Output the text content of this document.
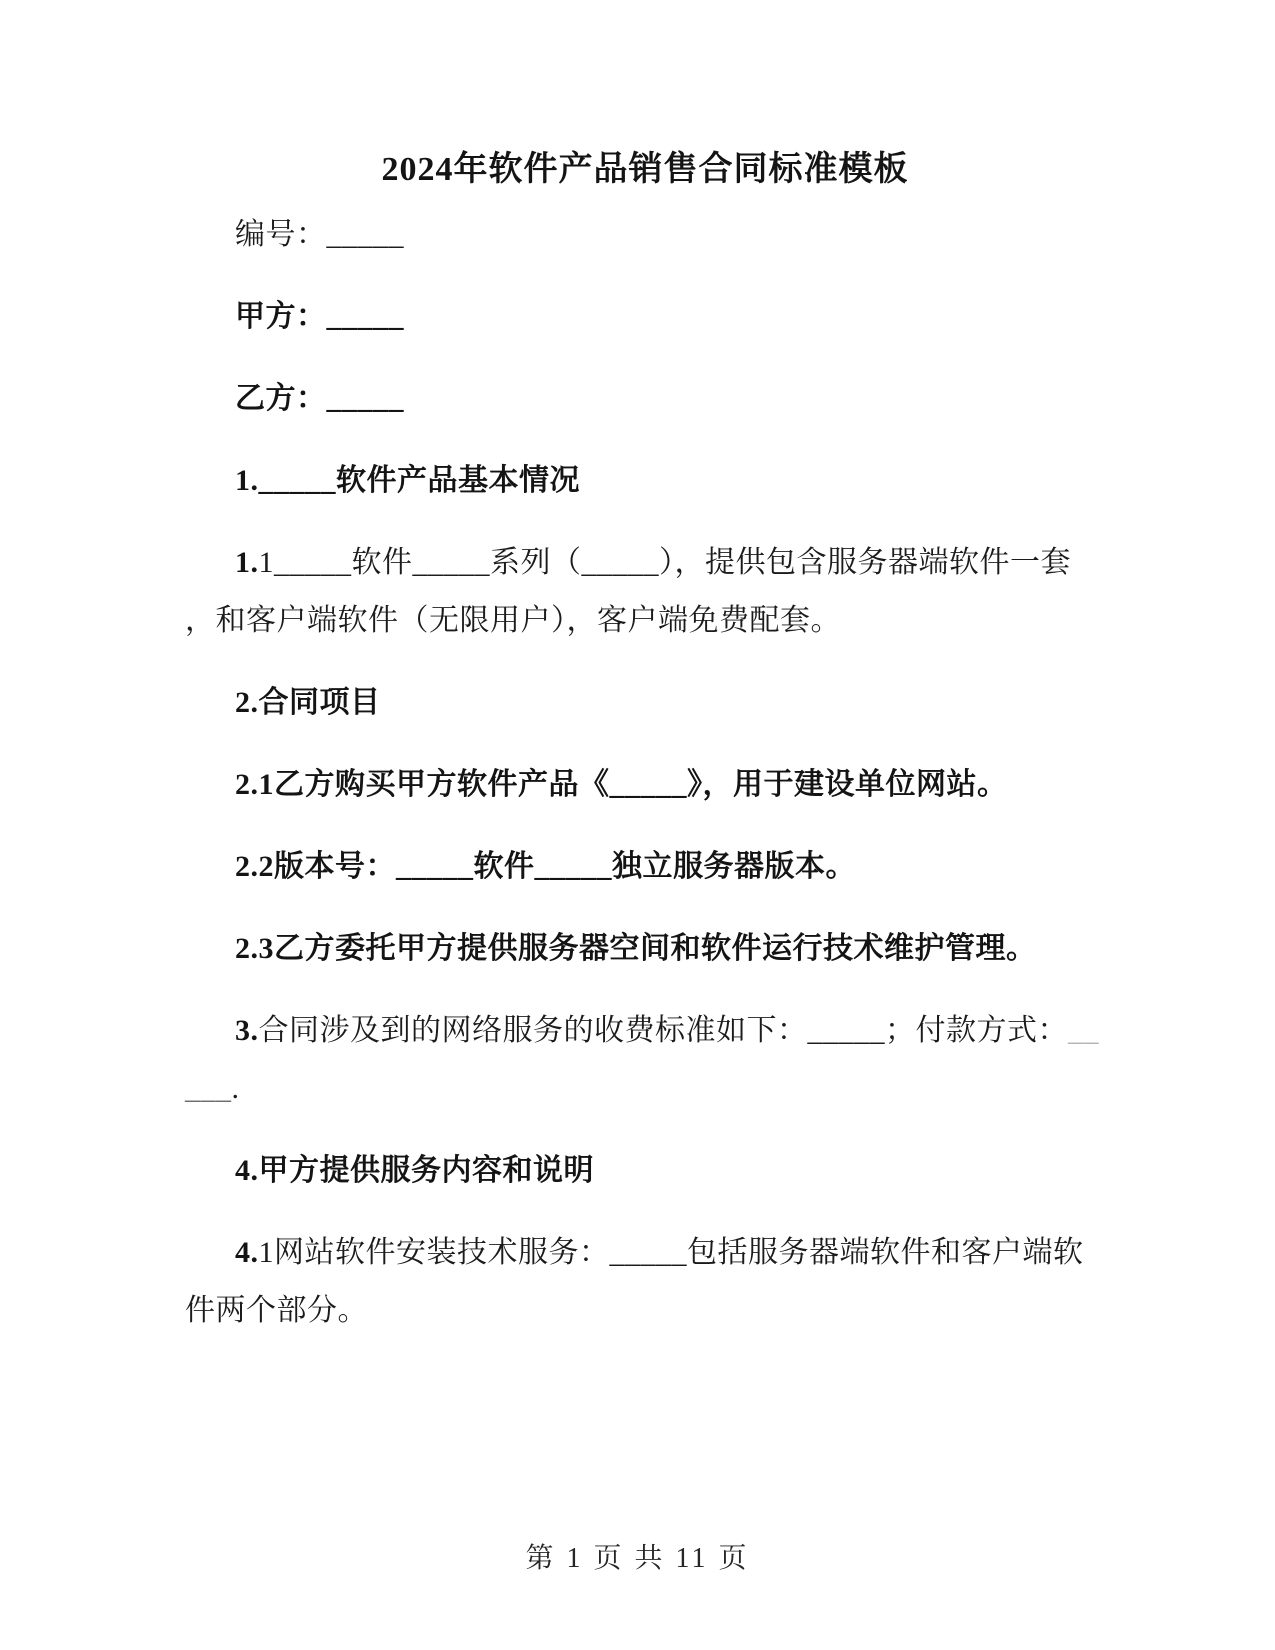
2024年软件产品销售合同标准模板

编号：_____

甲方：_____

乙方：_____

1._____软件产品基本情况

1.1_____软件_____系列（_____），提供包含服务器端软件一套
，和客户端软件（无限用户），客户端免费配套。

2.合同项目

2.1乙方购买甲方软件产品《_____》，用于建设单位网站。

2.2版本号：_____软件_____独立服务器版本。

2.3乙方委托甲方提供服务器空间和软件运行技术维护管理。

3.合同涉及到的网络服务的收费标准如下：_____；付款方式：__
___.

4.甲方提供服务内容和说明

4.1网站软件安装技术服务：_____包括服务器端软件和客户端软
件两个部分。

第 1 页 共 11 页
